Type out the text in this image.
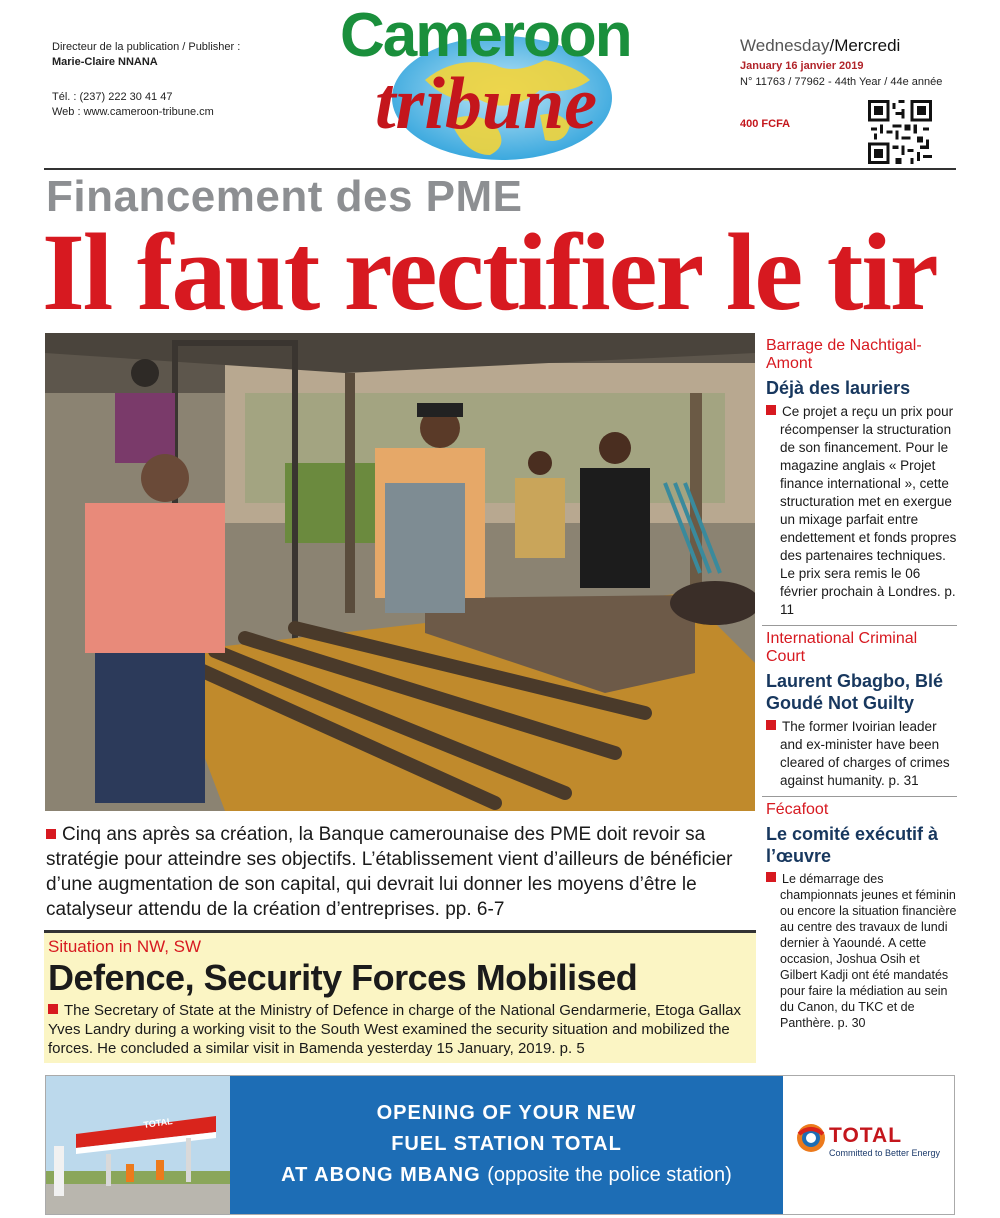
Directeur de la publication / Publisher :
Marie-Claire NNANA
Tél. : (237) 222 30 41 47
Web : www.cameroon-tribune.cm
Cameroon
tribune
Wednesday/Mercredi
January 16 janvier 2019
N° 11763 / 77962 - 44th Year / 44e année
400 FCFA
Financement des PME
Il faut rectifier le tir
Cinq ans après sa création, la Banque camerounaise des PME doit revoir sa stratégie pour atteindre ses objectifs. L’établissement vient d’ailleurs de bénéficier d’une augmentation de son capital, qui devrait lui donner les moyens d’être le catalyseur attendu de la création d’entreprises. pp. 6-7
Situation in NW, SW
Defence, Security Forces Mobilised
The Secretary of State at the Ministry of Defence in charge of the National Gendarmerie, Etoga Gallax Yves Landry during a working visit to the South West examined the security situation and mobilized the forces. He concluded a similar visit in Bamenda yesterday 15 January, 2019. p. 5
Barrage de Nachtigal-Amont
Déjà des lauriers
Ce projet a reçu un prix pour récompenser la structuration de son financement. Pour le magazine anglais « Projet finance international », cette structuration met en exergue un mixage parfait entre endettement et fonds propres des partenaires techniques. Le prix sera remis le 06 février prochain à Londres. p. 11
International Criminal Court
Laurent Gbagbo, Blé Goudé Not Guilty
The former Ivoirian leader and ex-minister have been cleared of charges of crimes against humanity. p. 31
Fécafoot
Le comité exécutif à l’œuvre
Le démarrage des championnats jeunes et féminin ou encore la situation financière au centre des travaux de lundi dernier à Yaoundé. A cette occasion, Joshua Osih et Gilbert Kadji ont été mandatés pour faire la médiation au sein du Canon, du TKC et de Panthère. p. 30
TOTAL	OPENING OF YOUR NEW
FUEL STATION TOTAL
AT ABONG MBANG (opposite the police station)
TOTAL
Committed to Better Energy
